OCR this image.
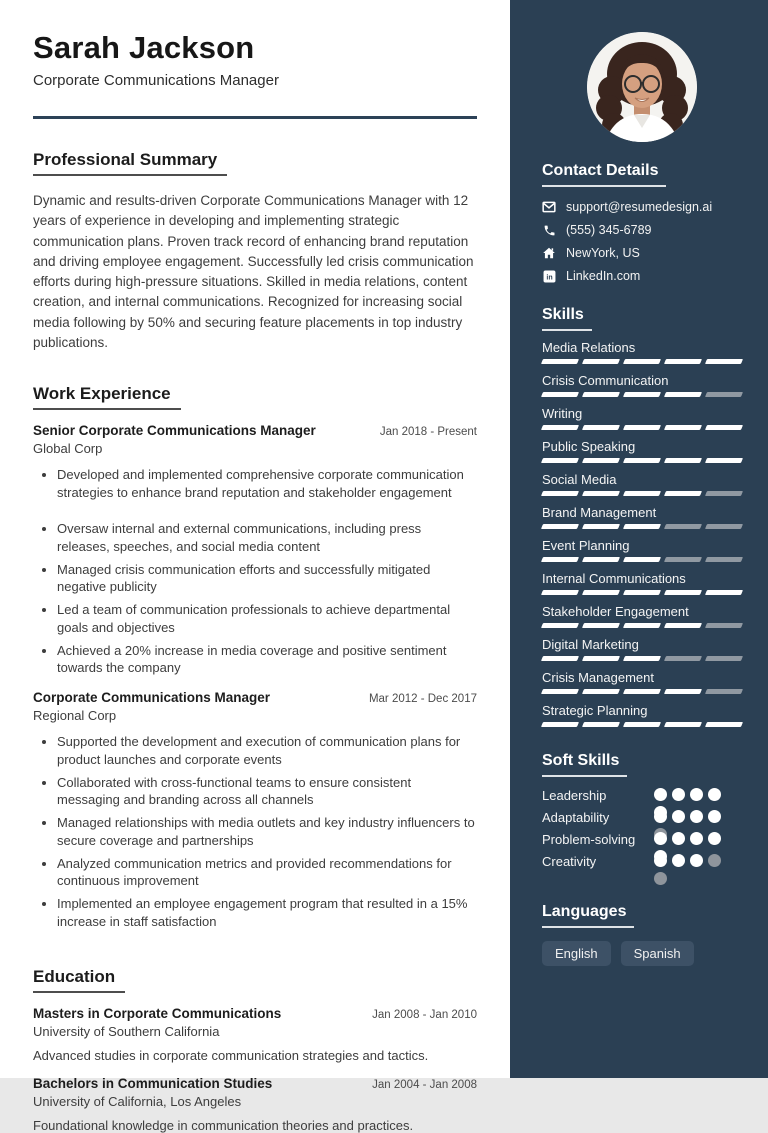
Sarah Jackson
Corporate Communications Manager
Professional Summary
Dynamic and results-driven Corporate Communications Manager with 12 years of experience in developing and implementing strategic communication plans. Proven track record of enhancing brand reputation and driving employee engagement. Successfully led crisis communication efforts during high-pressure situations. Skilled in media relations, content creation, and internal communications. Recognized for increasing social media following by 50% and securing feature placements in top industry publications.
Work Experience
Senior Corporate Communications Manager	Jan 2018 - Present
Global Corp
• Developed and implemented comprehensive corporate communication strategies to enhance brand reputation and stakeholder engagement
• Oversaw internal and external communications, including press releases, speeches, and social media content
• Managed crisis communication efforts and successfully mitigated negative publicity
• Led a team of communication professionals to achieve departmental goals and objectives
• Achieved a 20% increase in media coverage and positive sentiment towards the company
Corporate Communications Manager	Mar 2012 - Dec 2017
Regional Corp
• Supported the development and execution of communication plans for product launches and corporate events
• Collaborated with cross-functional teams to ensure consistent messaging and branding across all channels
• Managed relationships with media outlets and key industry influencers to secure coverage and partnerships
• Analyzed communication metrics and provided recommendations for continuous improvement
• Implemented an employee engagement program that resulted in a 15% increase in staff satisfaction
Education
Masters in Corporate Communications	Jan 2008 - Jan 2010
University of Southern California
Advanced studies in corporate communication strategies and tactics.
Bachelors in Communication Studies	Jan 2004 - Jan 2008
University of California, Los Angeles
Foundational knowledge in communication theories and practices.
Contact Details
support@resumedesign.ai
(555) 345-6789
NewYork, US
in LinkedIn.com
Skills
Media Relations
Crisis Communication
Writing
Public Speaking
Social Media
Brand Management
Event Planning
Internal Communications
Stakeholder Engagement
Digital Marketing
Crisis Management
Strategic Planning
Soft Skills
Leadership
Adaptability
Problem-solving
Creativity
Languages
English	Spanish
